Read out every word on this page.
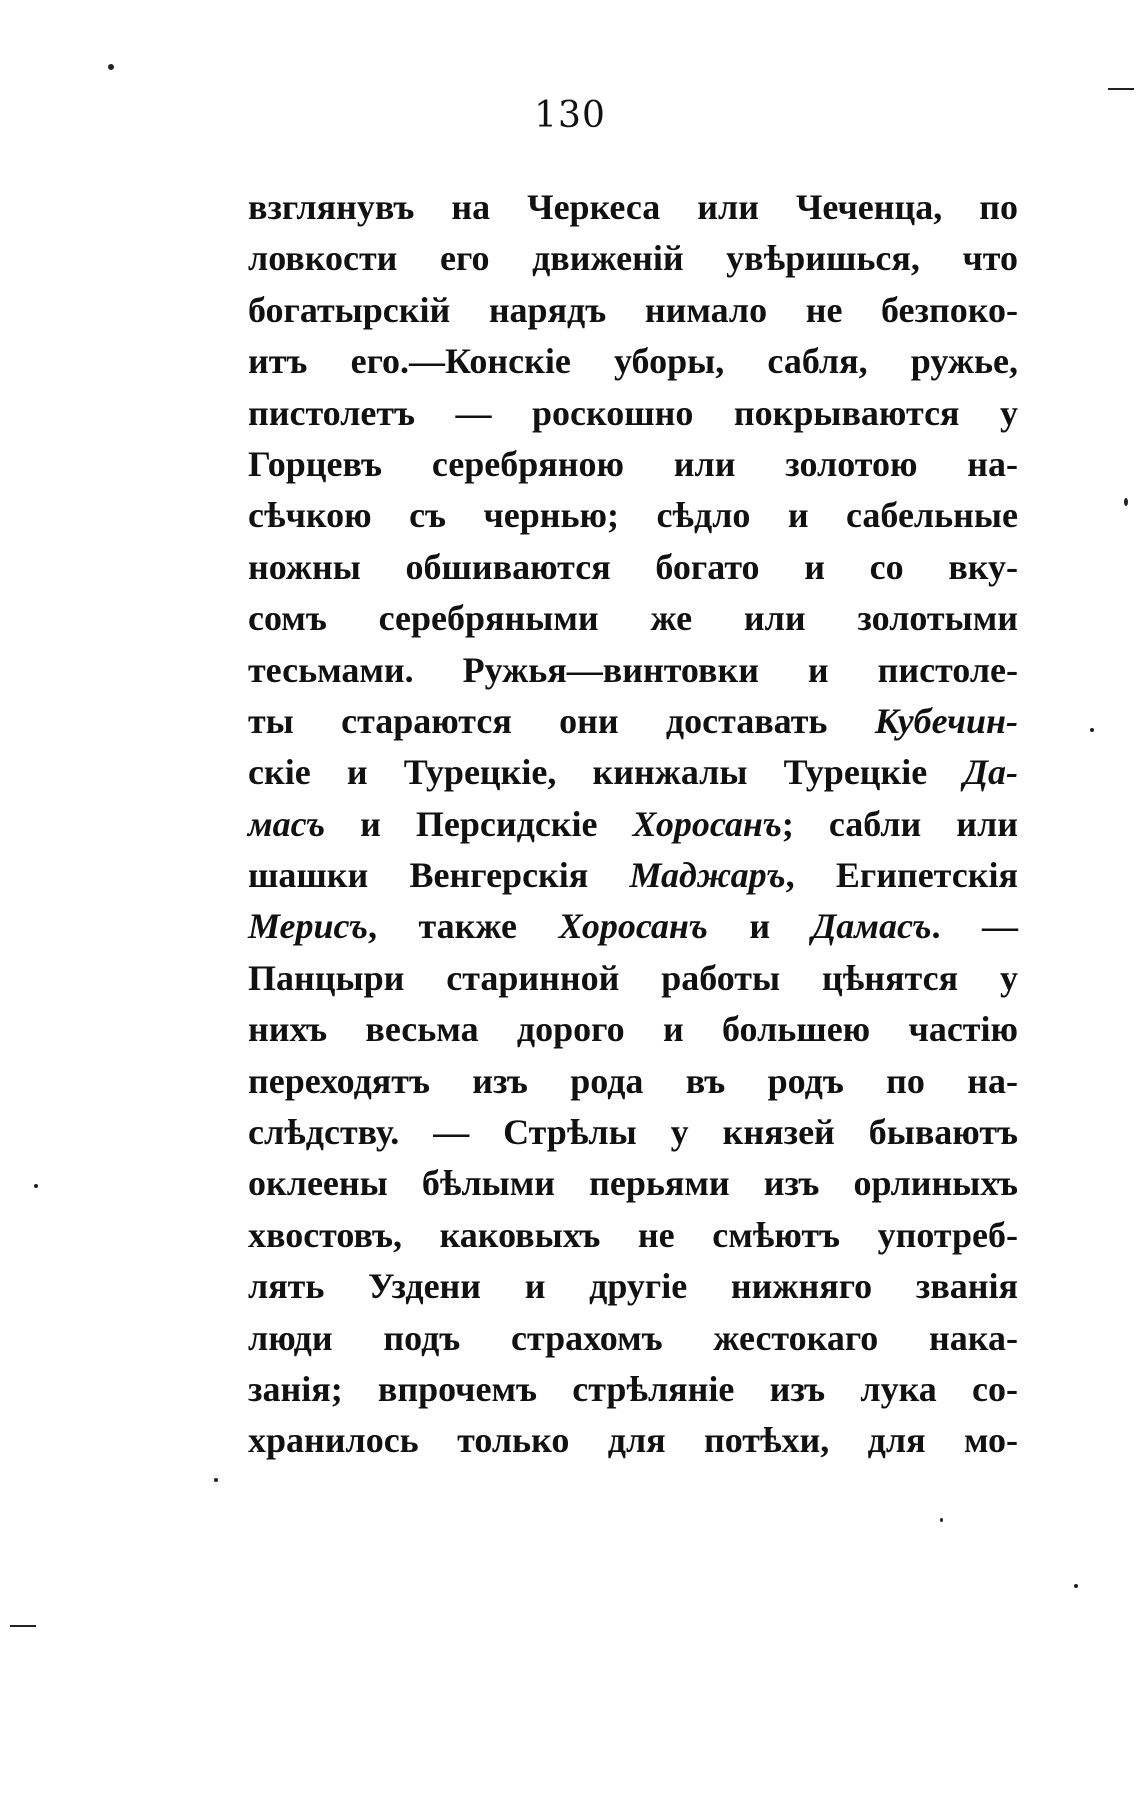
130
взглянувъ на Черкеса или Чеченца, по
ловкости его движеній увѣришься, что
богатырскій нарядъ нимало не безпоко-
итъ его.—Конскіе уборы, сабля, ружье,
пистолетъ — роскошно покрываются у
Горцевъ серебряною или золотою на-
сѣчкою съ чернью; сѣдло и сабельные
ножны обшиваются богато и со вку-
сомъ серебряными же или золотыми
тесьмами. Ружья—винтовки и пистоле-
ты стараются они доставать Кубечин-
скіе и Турецкіе, кинжалы Турецкіе Да-
масъ и Персидскіе Хоросанъ; сабли или
шашки Венгерскія Маджаръ, Египетскія
Мерисъ, также Хоросанъ и Дамасъ. —
Панцыри старинной работы цѣнятся у
нихъ весьма дорого и большею частію
переходятъ изъ рода въ родъ по на-
слѣдству. — Стрѣлы у князей бываютъ
оклеены бѣлыми перьями изъ орлиныхъ
хвостовъ, каковыхъ не смѣютъ употреб-
лять Уздени и другіе нижняго званія
люди подъ страхомъ жестокаго нака-
занія; впрочемъ стрѣляніе изъ лука со-
хранилось только для потѣхи, для мо-
